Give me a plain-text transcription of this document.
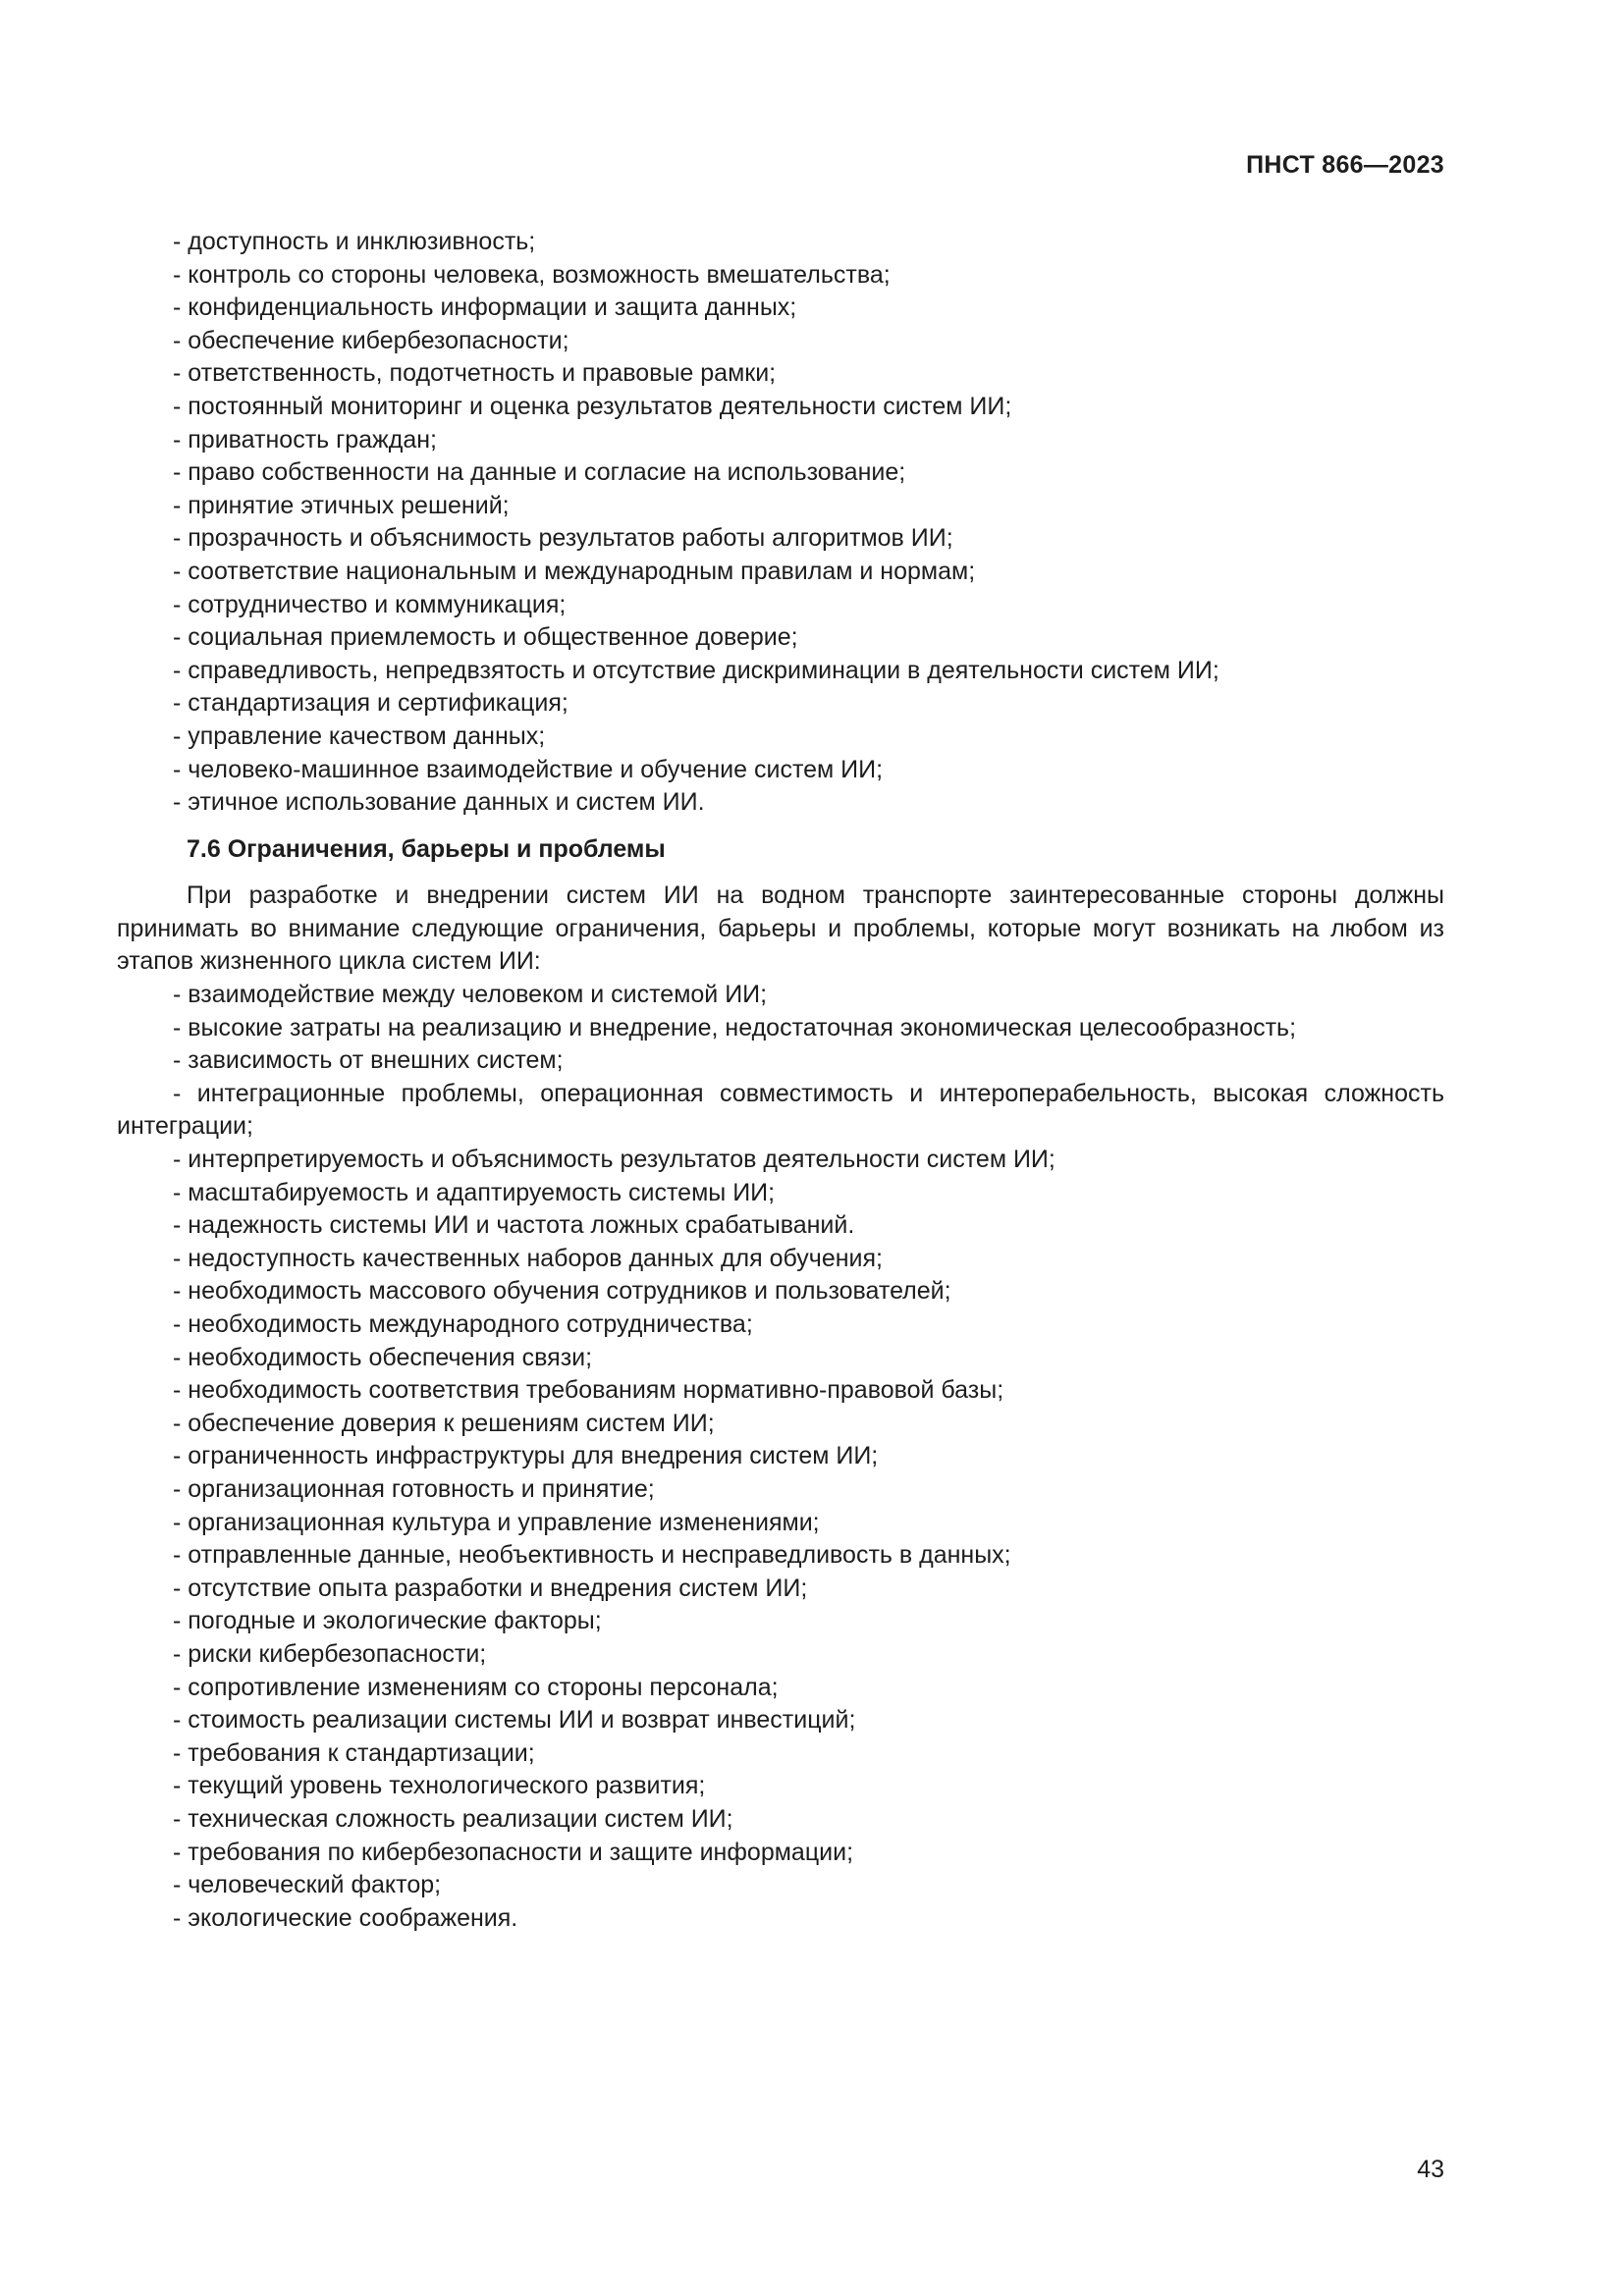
ПНСТ 866—2023
- доступность и инклюзивность;
- контроль со стороны человека, возможность вмешательства;
- конфиденциальность информации и защита данных;
- обеспечение кибербезопасности;
- ответственность, подотчетность и правовые рамки;
- постоянный мониторинг и оценка результатов деятельности систем ИИ;
- приватность граждан;
- право собственности на данные и согласие на использование;
- принятие этичных решений;
- прозрачность и объяснимость результатов работы алгоритмов ИИ;
- соответствие национальным и международным правилам и нормам;
- сотрудничество и коммуникация;
- социальная приемлемость и общественное доверие;
- справедливость, непредвзятость и отсутствие дискриминации в деятельности систем ИИ;
- стандартизация и сертификация;
- управление качеством данных;
- человеко-машинное взаимодействие и обучение систем ИИ;
- этичное использование данных и систем ИИ.
7.6 Ограничения, барьеры и проблемы

При разработке и внедрении систем ИИ на водном транспорте заинтересованные стороны должны принимать во внимание следующие ограничения, барьеры и проблемы, которые могут возникать на любом из этапов жизненного цикла систем ИИ:

- взаимодействие между человеком и системой ИИ;
- высокие затраты на реализацию и внедрение, недостаточная экономическая целесообразность;
- зависимость от внешних систем;
- интеграционные проблемы, операционная совместимость и интероперабельность, высокая сложность интеграции;
- интерпретируемость и объяснимость результатов деятельности систем ИИ;
- масштабируемость и адаптируемость системы ИИ;
- надежность системы ИИ и частота ложных срабатываний.
- недоступность качественных наборов данных для обучения;
- необходимость массового обучения сотрудников и пользователей;
- необходимость международного сотрудничества;
- необходимость обеспечения связи;
- необходимость соответствия требованиям нормативно-правовой базы;
- обеспечение доверия к решениям систем ИИ;
- ограниченность инфраструктуры для внедрения систем ИИ;
- организационная готовность и принятие;
- организационная культура и управление изменениями;
- отправленные данные, необъективность и несправедливость в данных;
- отсутствие опыта разработки и внедрения систем ИИ;
- погодные и экологические факторы;
- риски кибербезопасности;
- сопротивление изменениям со стороны персонала;
- стоимость реализации системы ИИ и возврат инвестиций;
- требования к стандартизации;
- текущий уровень технологического развития;
- техническая сложность реализации систем ИИ;
- требования по кибербезопасности и защите информации;
- человеческий фактор;
- экологические соображения.
43
